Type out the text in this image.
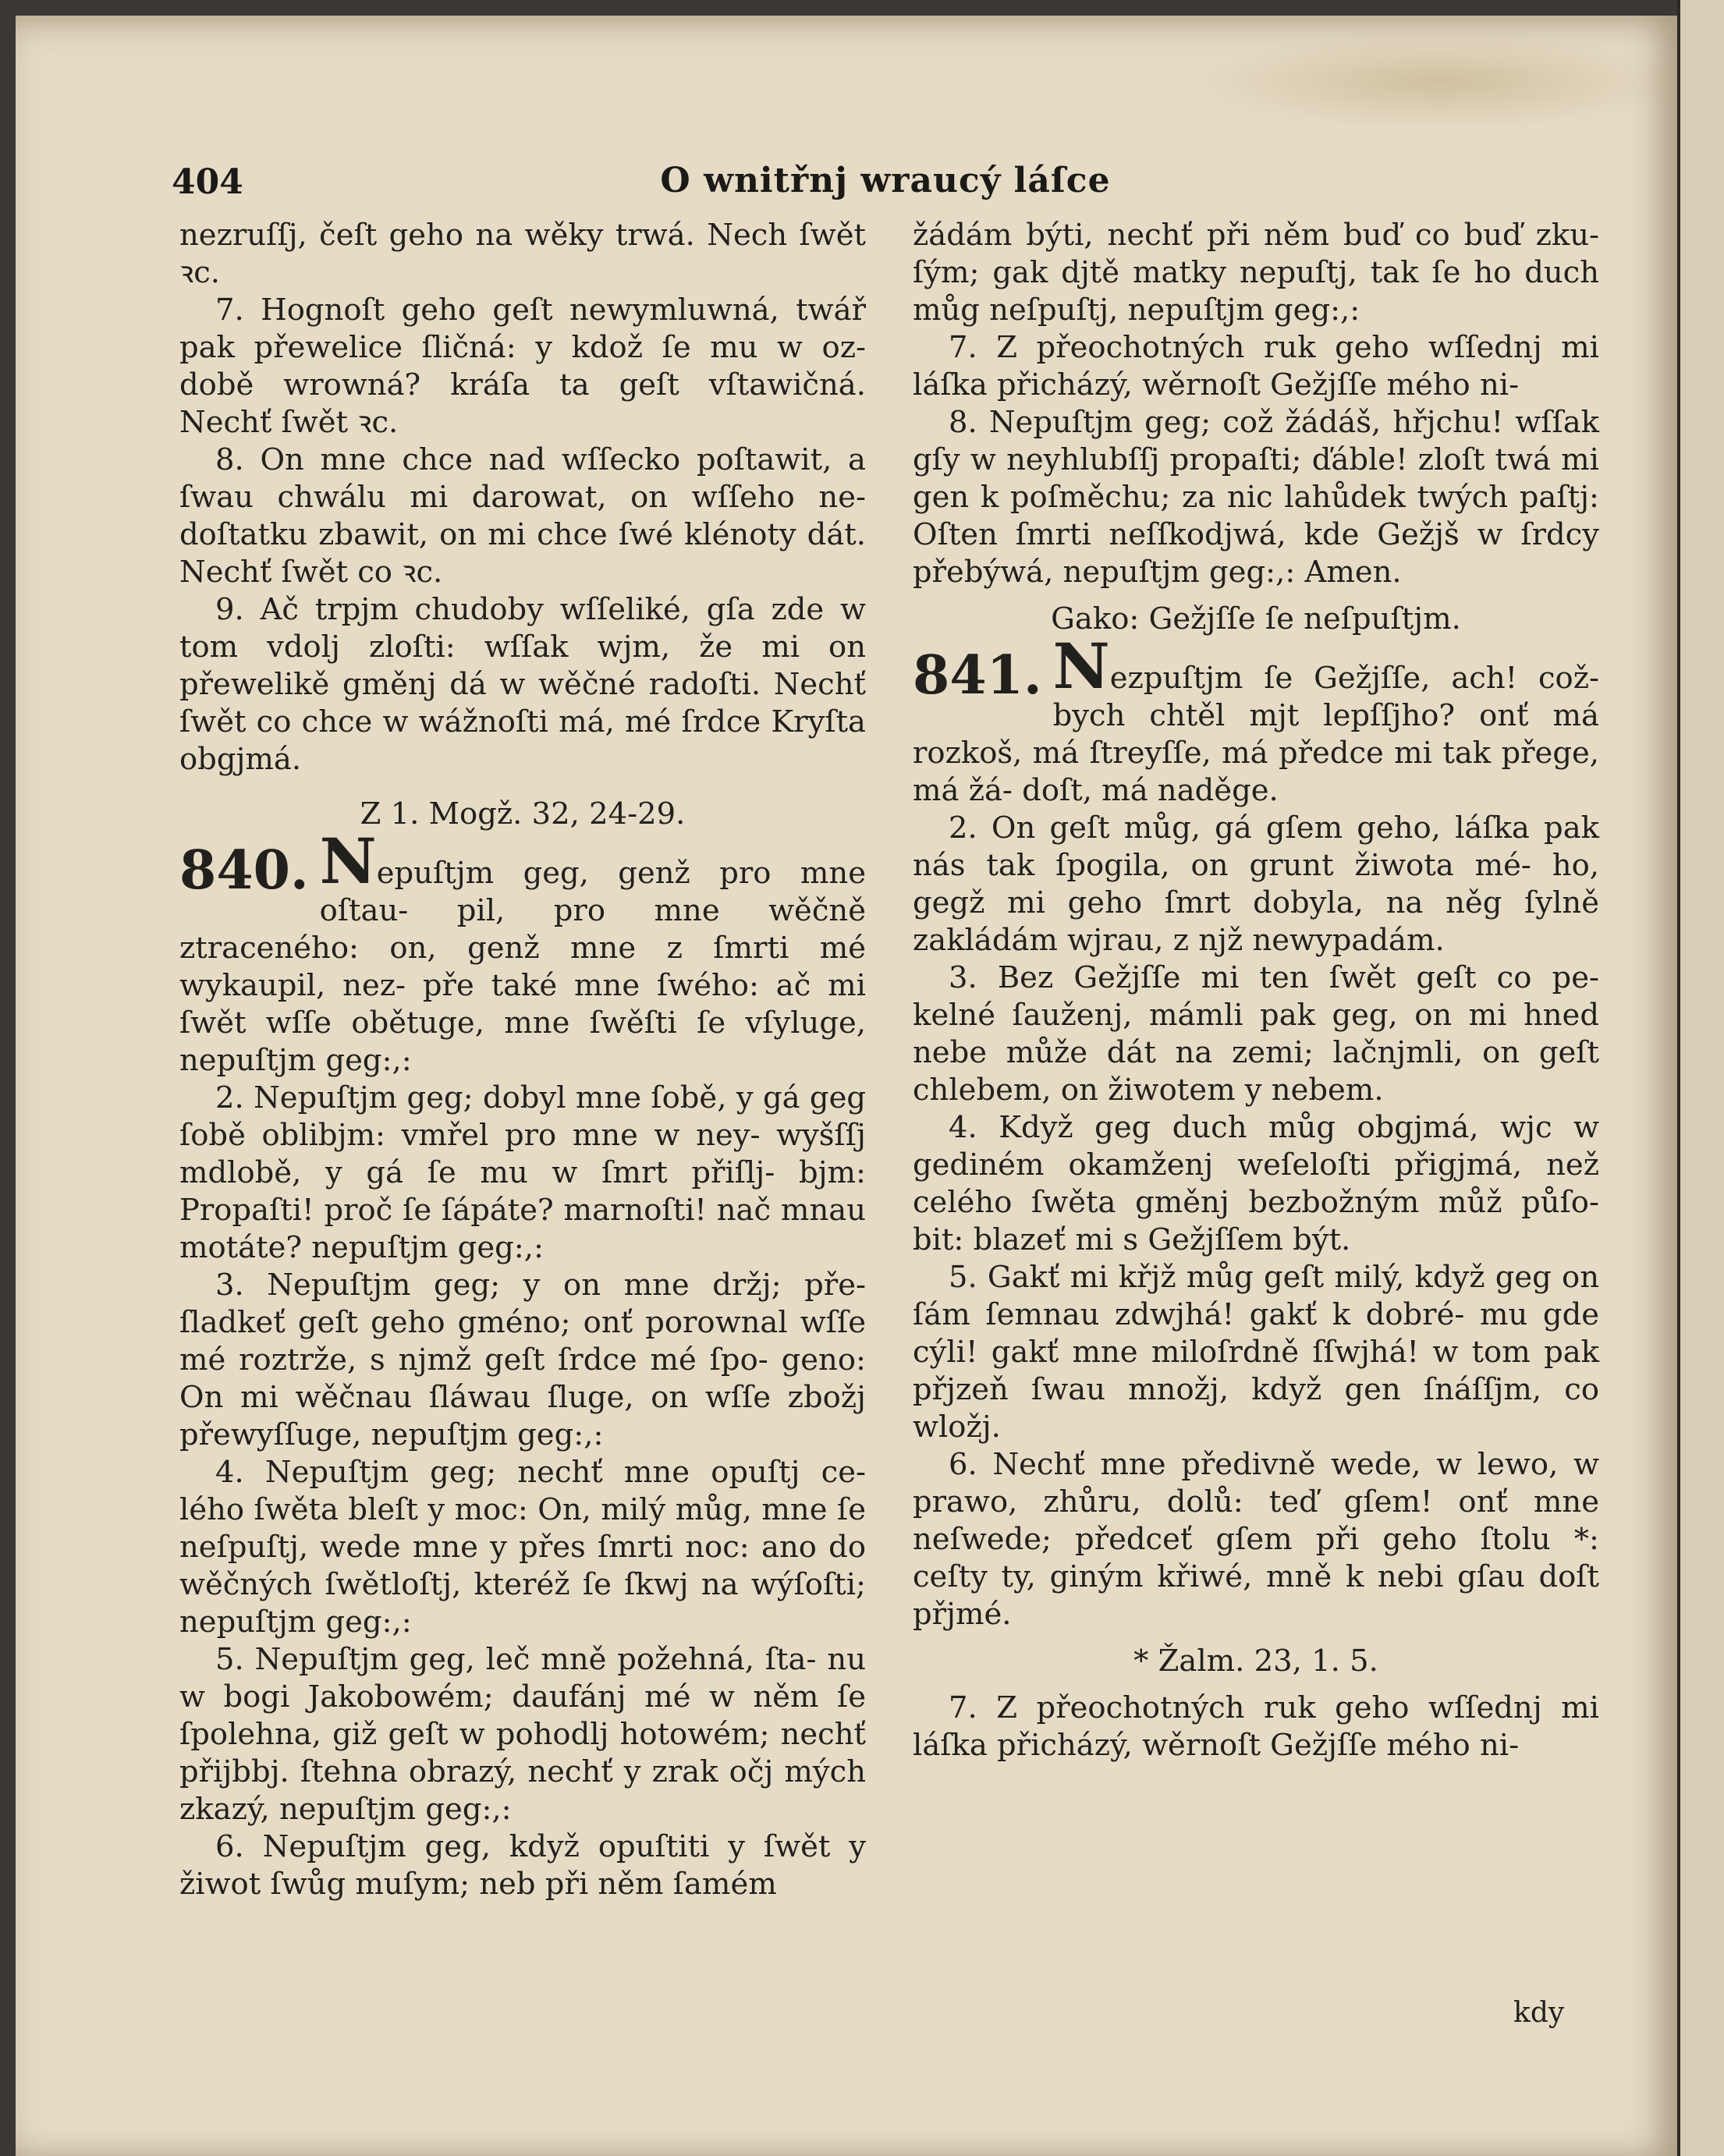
404	O wnitřnj wraucý láſce

nezruſſj, čeſt geho na wěky trwá. Nech ſwět ꝛc.

7. Hognoſt geho geſt newymluwná, twář pak přewelice ſličná: y kdož ſe mu w oz- době wrowná? kráſa ta geſt vſtawičná. Nechť ſwět ꝛc.

8. On mne chce nad wſſecko poſtawit, a ſwau chwálu mi darowat, on wſſeho ne- doſtatku zbawit, on mi chce ſwé klénoty dát. Nechť ſwět co ꝛc.

9. Ač trpjm chudoby wſſeliké, gſa zde w tom vdolj zloſti: wſſak wjm, že mi on přewelikě gměnj dá w wěčné radoſti. Nechť ſwět co chce w wážnoſti má, mé ſrdce Kryſta obgjmá.

Z 1. Mogž. 32, 24-29.

840. Nepuſtjm geg, genž pro mne oſtau- pil, pro mne wěčně ztraceného: on, genž mne z ſmrti mé wykaupil, nez- pře také mne ſwého: ač mi ſwět wſſe obětuge, mne ſwěſti ſe vſyluge, nepuſtjm geg:,:

2. Nepuſtjm geg; dobyl mne ſobě, y gá geg ſobě oblibjm: vmřel pro mne w ney- wyšſſj mdlobě, y gá ſe mu w ſmrt přiſlj- bjm: Propaſti! proč ſe ſápáte? marnoſti! nač mnau motáte? nepuſtjm geg:,:

3. Nepuſtjm geg; y on mne držj; pře- ſladkeť geſt geho gméno; onť porownal wſſe mé roztrže, s njmž geſt ſrdce mé ſpo- geno: On mi wěčnau ſláwau ſluge, on wſſe zbožj přewyſſuge, nepuſtjm geg:,:

4. Nepuſtjm geg; nechť mne opuſtj ce- lého ſwěta bleſt y moc: On, milý můg, mne ſe neſpuſtj, wede mne y přes ſmrti noc: ano do wěčných ſwětloſtj, kteréž ſe ſkwj na wýſoſti; nepuſtjm geg:,:

5. Nepuſtjm geg, leč mně požehná, ſta- nu w bogi Jakobowém; daufánj mé w něm ſe ſpolehna, giž geſt w pohodlj hotowém; nechť přijbbj. ſtehna obrazý, nechť y zrak očj mých zkazý, nepuſtjm geg:,:

6. Nepuſtjm geg, když opuſtiti y ſwět y žiwot ſwůg muſym; neb při něm ſamém

žádám býti, nechť při něm buď co buď zku- ſým; gak djtě matky nepuſtj, tak ſe ho duch můg neſpuſtj, nepuſtjm geg:,:

7. Z přeochotných ruk geho wſſednj mi láſka přicházý, wěrnoſt Gežjſſe mého ni-

8. Nepuſtjm geg; což žádáš, hřjchu! wſſak gſy w neyhlubſſj propaſti; ďáble! zloſt twá mi gen k poſměchu; za nic lahůdek twých paſtj: Oſten ſmrti neſſkodjwá, kde Gežjš w ſrdcy přebýwá, nepuſtjm geg:,: Amen.

Gako: Gežjſſe ſe neſpuſtjm.

841. Nezpuſtjm ſe Gežjſſe, ach! což- bych chtěl mjt lepſſjho? onť má rozkoš, má ſtreyſſe, má předce mi tak přege, má žá- doſt, má naděge.

2. On geſt můg, gá gſem geho, láſka pak nás tak ſpogila, on grunt žiwota mé- ho, gegž mi geho ſmrt dobyla, na něg ſylně zakládám wjrau, z njž newypadám.

3. Bez Gežjſſe mi ten ſwět geſt co pe- kelné ſauženj, mámli pak geg, on mi hned nebe může dát na zemi; lačnjmli, on geſt chlebem, on žiwotem y nebem.

4. Když geg duch můg obgjmá, wjc w gediném okamženj weſeloſti přigjmá, než celého ſwěta gměnj bezbožným můž půſo- bit: blazeť mi s Gežjſſem být.

5. Gakť mi křjž můg geſt milý, když geg on ſám ſemnau zdwjhá! gakť k dobré- mu gde cýli! gakť mne miloſrdně ſſwjhá! w tom pak přjzeň ſwau množj, když gen ſnáſſjm, co wložj.

6. Nechť mne předivně wede, w lewo, w prawo, zhůru, dolů: teď gſem! onť mne neſwede; předceť gſem při geho ſtolu *: ceſty ty, giným křiwé, mně k nebi gſau doſt přjmé.

* Žalm. 23, 1. 5.

7. Z přeochotných ruk geho wſſednj mi láſka přicházý, wěrnoſt Gežjſſe mého ni-

kdy
